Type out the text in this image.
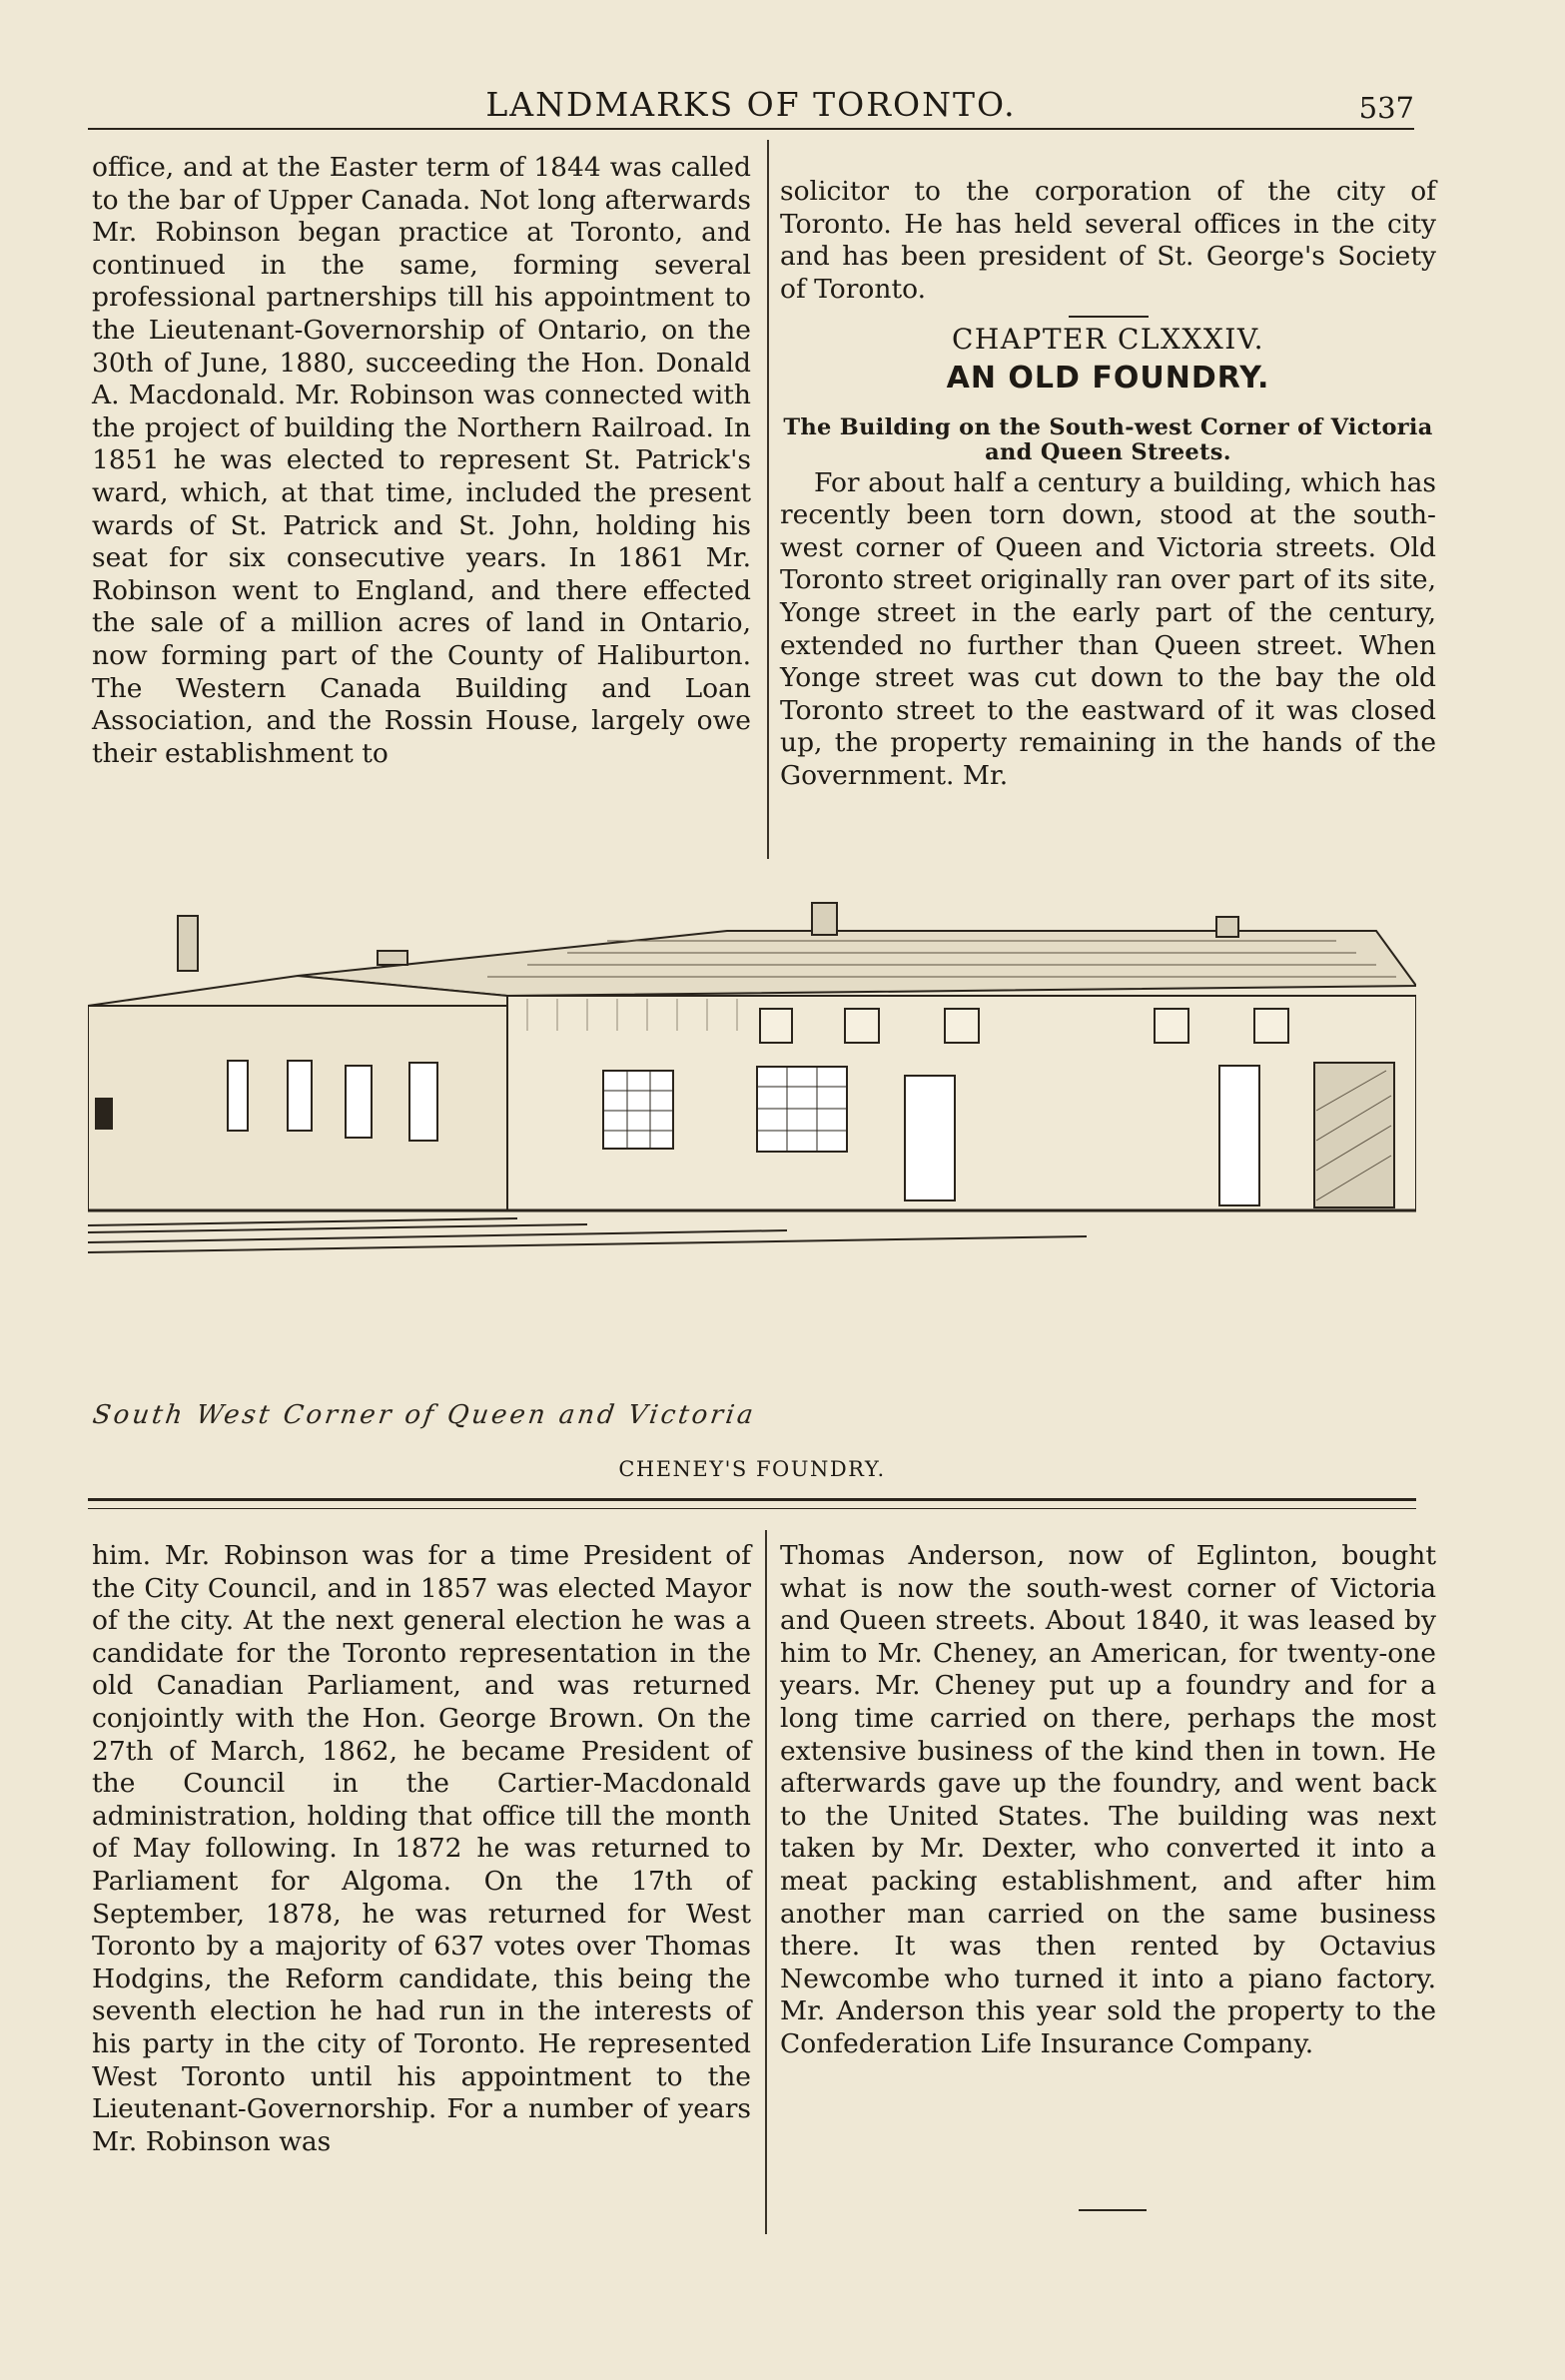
LANDMARKS OF TORONTO.	537

office, and at the Easter term of 1844 was called to the bar of Upper Canada. Not long afterwards Mr. Robinson began practice at Toronto, and continued in the same, forming several professional partnerships till his appointment to the Lieutenant-Governorship of Ontario, on the 30th of June, 1880, succeeding the Hon. Donald A. Macdonald. Mr. Robinson was connected with the project of building the Northern Railroad. In 1851 he was elected to represent St. Patrick's ward, which, at that time, included the present wards of St. Patrick and St. John, holding his seat for six consecutive years. In 1861 Mr. Robinson went to England, and there effected the sale of a million acres of land in Ontario, now forming part of the County of Haliburton. The Western Canada Building and Loan Association, and the Rossin House, largely owe their establishment to

solicitor to the corporation of the city of Toronto. He has held several offices in the city and has been president of St. George's Society of Toronto.

CHAPTER CLXXXIV.
AN OLD FOUNDRY.
The Building on the South-west Corner of Victoria and Queen Streets.

For about half a century a building, which has recently been torn down, stood at the south-west corner of Queen and Victoria streets. Old Toronto street originally ran over part of its site, Yonge street in the early part of the century, extended no further than Queen street. When Yonge street was cut down to the bay the old Toronto street to the eastward of it was closed up, the property remaining in the hands of the Government. Mr.

South West Corner of Queen and Victoria
CHENEY'S FOUNDRY.

him. Mr. Robinson was for a time President of the City Council, and in 1857 was elected Mayor of the city. At the next general election he was a candidate for the Toronto representation in the old Canadian Parliament, and was returned conjointly with the Hon. George Brown. On the 27th of March, 1862, he became President of the Council in the Cartier-Macdonald administration, holding that office till the month of May following. In 1872 he was returned to Parliament for Algoma. On the 17th of September, 1878, he was returned for West Toronto by a majority of 637 votes over Thomas Hodgins, the Reform candidate, this being the seventh election he had run in the interests of his party in the city of Toronto. He represented West Toronto until his appointment to the Lieutenant-Governorship. For a number of years Mr. Robinson was

Thomas Anderson, now of Eglinton, bought what is now the south-west corner of Victoria and Queen streets. About 1840, it was leased by him to Mr. Cheney, an American, for twenty-one years. Mr. Cheney put up a foundry and for a long time carried on there, perhaps the most extensive business of the kind then in town. He afterwards gave up the foundry, and went back to the United States. The building was next taken by Mr. Dexter, who converted it into a meat packing establishment, and after him another man carried on the same business there. It was then rented by Octavius Newcombe who turned it into a piano factory. Mr. Anderson this year sold the property to the Confederation Life Insurance Company.
